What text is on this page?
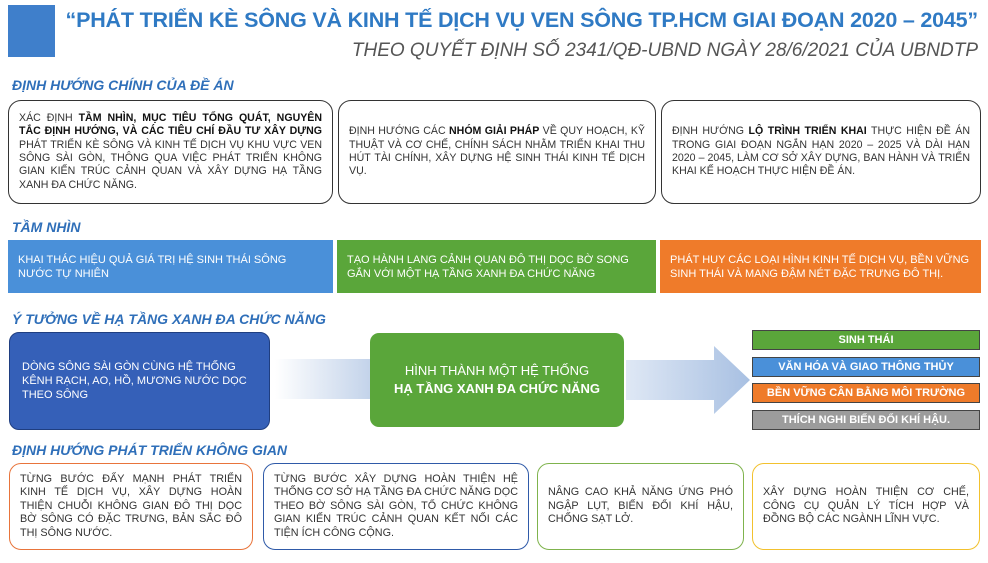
“PHÁT TRIỂN KÈ SÔNG VÀ KINH TẾ DỊCH VỤ VEN SÔNG TP.HCM GIAI ĐOẠN 2020 – 2045”
THEO QUYẾT ĐỊNH SỐ 2341/QĐ-UBND NGÀY 28/6/2021 CỦA UBNDTP
ĐỊNH HƯỚNG CHÍNH CỦA ĐỀ ÁN
XÁC ĐỊNH TẦM NHÌN, MỤC TIÊU TỔNG QUÁT, NGUYÊN TẮC ĐỊNH HƯỚNG, VÀ CÁC TIÊU CHÍ ĐẦU TƯ XÂY DỰNG PHÁT TRIỂN KÈ SÔNG VÀ KINH TẾ DỊCH VỤ KHU VỰC VEN SÔNG SÀI GÒN, THÔNG QUA VIỆC PHÁT TRIỂN KHÔNG GIAN KIẾN TRÚC CẢNH QUAN VÀ XÂY DỰNG HẠ TẦNG XANH ĐA CHỨC NĂNG.
ĐỊNH HƯỚNG CÁC NHÓM GIẢI PHÁP VỀ QUY HOẠCH, KỸ THUẬT VÀ CƠ CHẾ, CHÍNH SÁCH NHẰM TRIỂN KHAI THU HÚT TÀI CHÍNH, XÂY DỰNG HỆ SINH THÁI KINH TẾ DỊCH VỤ.
ĐỊNH HƯỚNG LỘ TRÌNH TRIỂN KHAI THỰC HIỆN ĐỀ ÁN TRONG GIAI ĐOẠN NGẮN HẠN 2020 – 2025 VÀ DÀI HẠN 2020 – 2045, LÀM CƠ SỞ XÂY DỰNG, BAN HÀNH VÀ TRIỂN KHAI KẾ HOẠCH THỰC HIỆN ĐỀ ÁN.
TẦM NHÌN
KHAI THÁC HIỆU QUẢ GIÁ TRỊ HỆ SINH THÁI SÔNG NƯỚC TỰ NHIÊN
TẠO HÀNH LANG CẢNH QUAN ĐÔ THỊ DỌC BỜ SONG GẮN VỚI MỘT HẠ TẦNG XANH ĐA CHỨC NĂNG
PHÁT HUY CÁC LOẠI HÌNH KINH TẾ DỊCH VỤ, BỀN VỮNG SINH THÁI VÀ MANG ĐẬM NÉT ĐẶC TRƯNG ĐÔ THỊ.
Ý TƯỞNG VỀ HẠ TẦNG XANH ĐA CHỨC NĂNG
DÒNG SÔNG SÀI GÒN CÙNG HỆ THỐNG KÊNH RẠCH, AO, HỒ, MƯƠNG NƯỚC DỌC THEO SÔNG
HÌNH THÀNH MỘT HỆ THỐNG
HẠ TẦNG XANH ĐA CHỨC NĂNG
SINH THÁI
VĂN HÓA VÀ GIAO THÔNG THỦY
BỀN VỮNG CÂN BẰNG MÔI TRƯỜNG
THÍCH NGHI BIẾN ĐỔI KHÍ HẬU.
ĐỊNH HƯỚNG PHÁT TRIỂN KHÔNG GIAN
TỪNG BƯỚC ĐẨY MẠNH PHÁT TRIỂN KINH TẾ DỊCH VỤ, XÂY DỰNG HOÀN THIỆN CHUỖI KHÔNG GIAN ĐÔ THỊ DỌC BỜ SÔNG CÓ ĐẶC TRƯNG, BẢN SẮC ĐÔ THỊ SÔNG NƯỚC.
TỪNG BƯỚC XÂY DỰNG HOÀN THIỆN HỆ THỐNG CƠ SỞ HẠ TẦNG ĐA CHỨC NĂNG DỌC THEO BỜ SÔNG SÀI GÒN, TỔ CHỨC KHÔNG GIAN KIẾN TRÚC CẢNH QUAN KẾT NỐI CÁC TIỆN ÍCH CÔNG CỘNG.
NÂNG CAO KHẢ NĂNG ỨNG PHÓ NGẬP LỤT, BIẾN ĐỔI KHÍ HẬU, CHỐNG SẠT LỞ.
XÂY DỰNG HOÀN THIỆN CƠ CHẾ, CÔNG CỤ QUẢN LÝ TÍCH HỢP VÀ ĐỒNG BỘ CÁC NGÀNH LĨNH VỰC.
